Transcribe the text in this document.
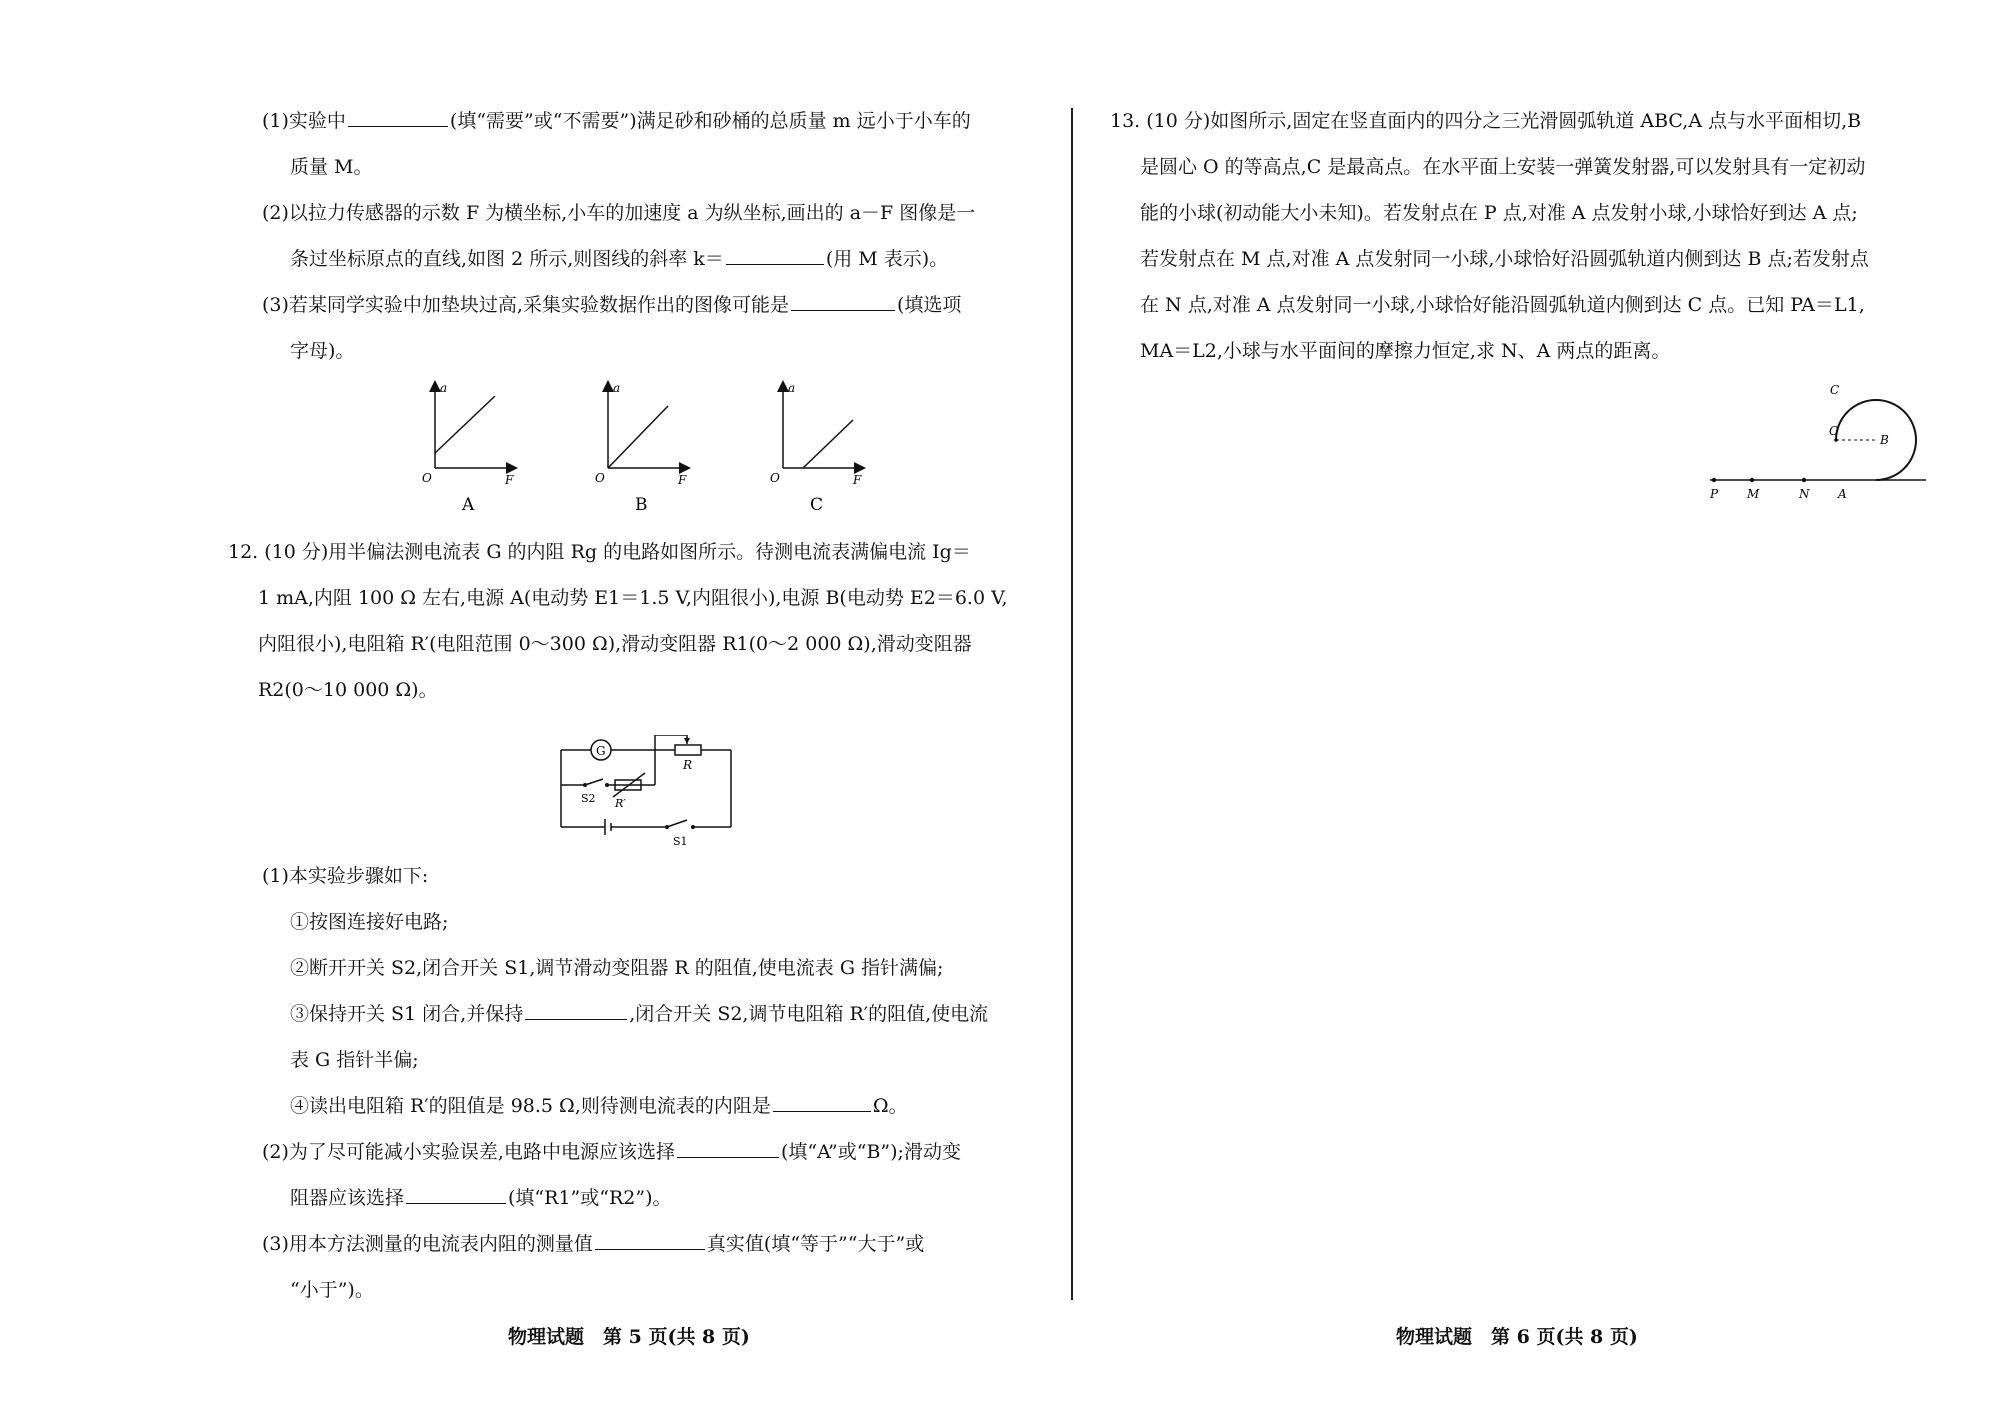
(1)实验中	(填“需要”或“不需要”)满足砂和砂桶的总质量 m 远小于小车的
质量 M。
(2)以拉力传感器的示数 F 为横坐标,小车的加速度 a 为纵坐标,画出的 a－F 图像是一
条过坐标原点的直线,如图 2 所示,则图线的斜率 k＝	(用 M 表示)。
(3)若某同学实验中加垫块过高,采集实验数据作出的图像可能是	(填选项
字母)。
a
O	F
A
a
O	F
B
a
O	F
C
12. (10 分)用半偏法测电流表 G 的内阻 Rg 的电路如图所示。待测电流表满偏电流 Ig＝
1 mA,内阻 100 Ω 左右,电源 A(电动势 E1＝1.5 V,内阻很小),电源 B(电动势 E2＝6.0 V,
内阻很小),电阻箱 R′(电阻范围 0～300 Ω),滑动变阻器 R1(0～2 000 Ω),滑动变阻器
R2(0～10 000 Ω)。
G
R
R′
S2
S1
(1)本实验步骤如下:
①按图连接好电路;
②断开开关 S2,闭合开关 S1,调节滑动变阻器 R 的阻值,使电流表 G 指针满偏;
③保持开关 S1 闭合,并保持	,闭合开关 S2,调节电阻箱 R′的阻值,使电流
表 G 指针半偏;
④读出电阻箱 R′的阻值是 98.5 Ω,则待测电流表的内阻是	Ω。
(2)为了尽可能减小实验误差,电路中电源应该选择	(填“A”或“B”);滑动变
阻器应该选择	(填“R1”或“R2”)。
(3)用本方法测量的电流表内阻的测量值	真实值(填“等于”“大于”或
“小于”)。
物理试题　第 5 页(共 8 页)
13. (10 分)如图所示,固定在竖直面内的四分之三光滑圆弧轨道 ABC,A 点与水平面相切,B
是圆心 O 的等高点,C 是最高点。在水平面上安装一弹簧发射器,可以发射具有一定初动
能的小球(初动能大小未知)。若发射点在 P 点,对准 A 点发射小球,小球恰好到达 A 点;
若发射点在 M 点,对准 A 点发射同一小球,小球恰好沿圆弧轨道内侧到达 B 点;若发射点
在 N 点,对准 A 点发射同一小球,小球恰好能沿圆弧轨道内侧到达 C 点。已知 PA＝L1,
MA＝L2,小球与水平面间的摩擦力恒定,求 N、A 两点的距离。
C
O
B
P M	N A
物理试题　第 6 页(共 8 页)
